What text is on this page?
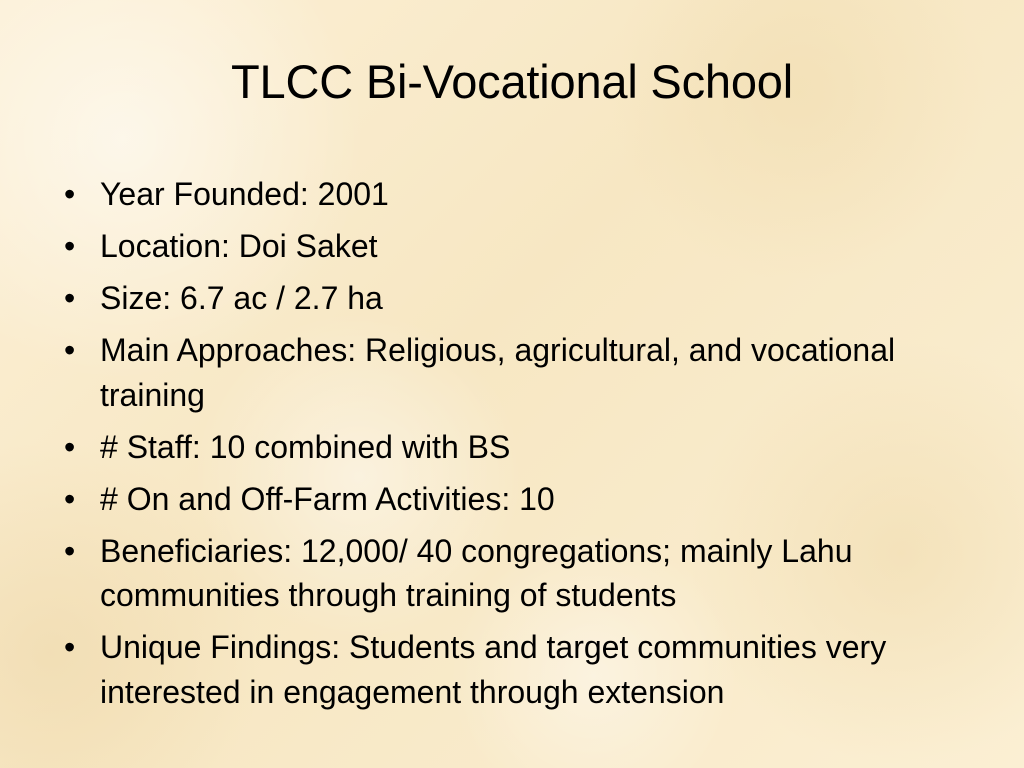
TLCC Bi-Vocational School
• Year Founded: 2001
• Location: Doi Saket
• Size: 6.7 ac / 2.7 ha
• Main Approaches: Religious, agricultural, and vocational training
• # Staff: 10 combined with BS
• # On and Off-Farm Activities: 10
• Beneficiaries: 12,000/ 40 congregations; mainly Lahu communities through training of students
• Unique Findings: Students and target communities very interested in engagement through extension
